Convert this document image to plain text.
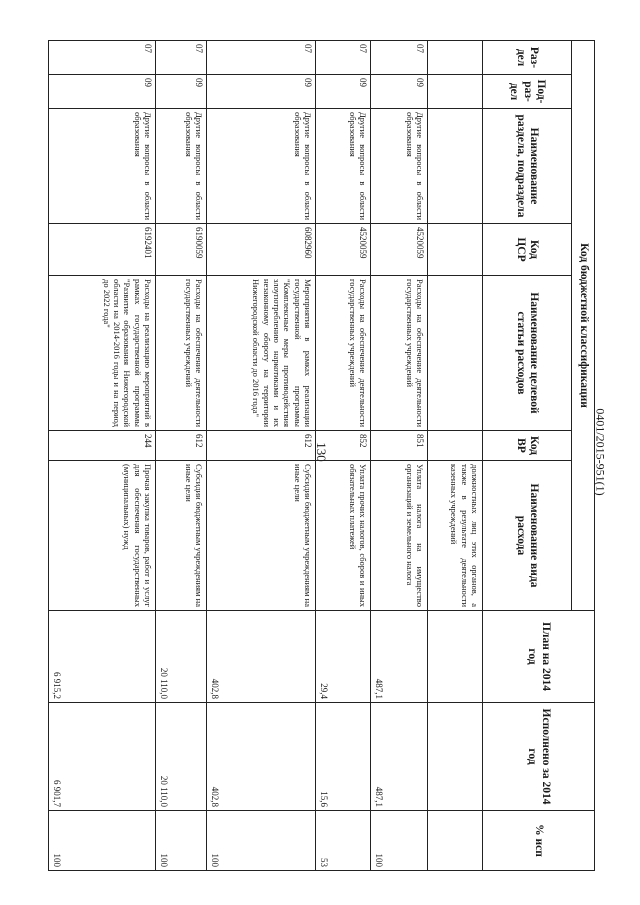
130	0401/2015-951(1)
Код бюджетной классификации							План на 2014 год	Исполнено за 2014 год	% исп
Раз- дел	Под- раз- дел	Наименование раздела, подраздела	Код ЦСР	Наименование целевой статьи расходов	Код ВР	Наименование вида расхода			
						должностных лиц этих органов, а также в результате деятельности казенных учреждений			
07	09	Другие вопросы в области образования	4520059	Расходы на обеспечение деятельности государственных учреждений	851	Уплата налога на имущество организаций и земельного налога	487,1	487,1	100
07	09	Другие вопросы в области образования	4520059	Расходы на обеспечение деятельности государственных учреждений	852	Уплата прочих налогов, сборов и иных обязательных платежей	29,4	15,6	53
07	09	Другие вопросы в области образования	6082960	Мероприятия в рамках реализации государственной программы "Комплексные меры противодействия злоупотреблению наркотиками и их незаконному обороту на территории Нижегородской области до 2016 года"	612	Субсидии бюджетным учреждениям на иные цели	402,8	402,8	100
07	09	Другие вопросы в области образования	6190059	Расходы на обеспечение деятельности государственных учреждений	612	Субсидии бюджетным учреждениям на иные цели	20 110,0	20 110,0	100
07	09	Другие вопросы в области образования	6192401	Расходы на реализацию мероприятий в рамках государственной программы "Развитие образования Нижегородской области на 2014-2016 годы и на период до 2022 года"	244	Прочая закупка товаров, работ и услуг для обеспечения государственных (муниципальных) нужд	6 915,2	6 901,7	100
